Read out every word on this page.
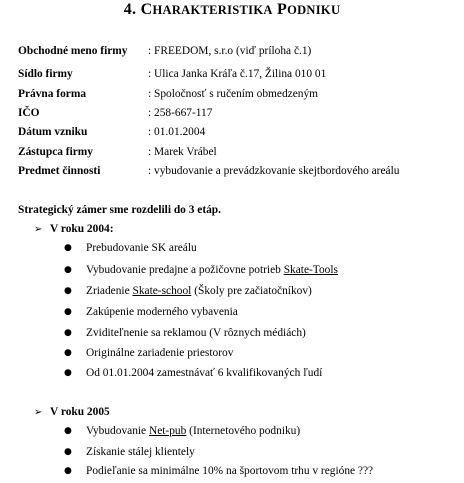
4. CHARAKTERISTIKA PODNIKU
Obchodné meno firmy	: FREEDOM, s.r.o (viď príloha č.1)
Sídlo firmy	: Ulica Janka Kráľa č.17, Žilina 010 01
Právna forma	: Spoločnosť s ručením obmedzeným
IČO	: 258-667-117
Dátum vzniku	: 01.01.2004
Zástupca firmy	: Marek Vrábel
Predmet činnosti	: vybudovanie a prevádzkovanie skejtbordového areálu
Strategický zámer sme rozdelili do 3 etáp.
➢ V roku 2004:
● Prebudovanie SK areálu
● Vybudovanie predajne a požičovne potrieb Skate-Tools
● Zriadenie Skate-school (Školy pre začiatočníkov)
● Zakúpenie moderného vybavenia
● Zviditeľnenie sa reklamou (V rôznych médiách)
● Originálne zariadenie priestorov
● Od 01.01.2004 zamestnávať 6 kvalifikovaných ľudí
➢ V roku 2005
● Vybudovanie Net-pub (Internetového podniku)
● Získanie stálej klientely
● Podieľanie sa minimálne 10% na športovom trhu v regióne ???
